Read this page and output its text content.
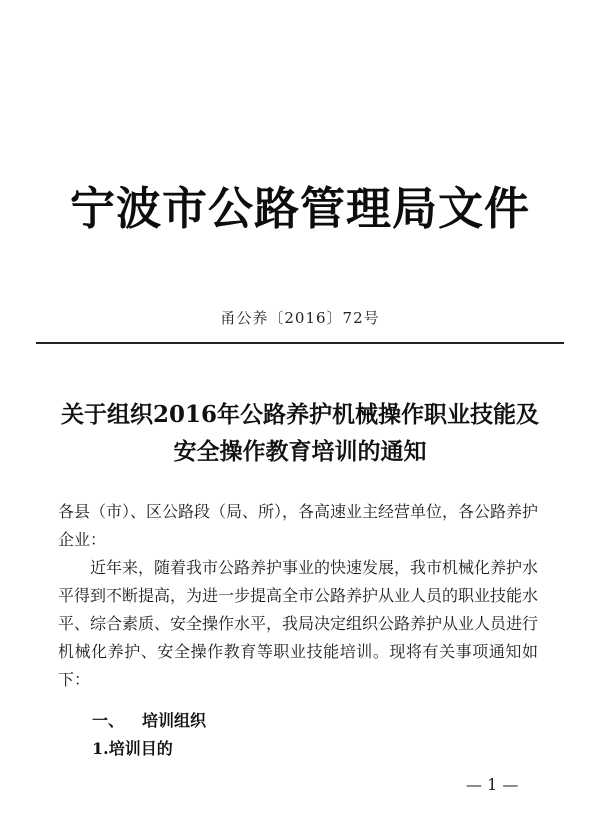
宁波市公路管理局文件
甬公养〔2016〕72号
关于组织2016年公路养护机械操作职业技能及
安全操作教育培训的通知
各县（市）、区公路段（局、所），各高速业主经营单位，各公路养护企业：
近年来，随着我市公路养护事业的快速发展，我市机械化养护水平得到不断提高，为进一步提高全市公路养护从业人员的职业技能水平、综合素质、安全操作水平，我局决定组织公路养护从业人员进行机械化养护、安全操作教育等职业技能培训。现将有关事项通知如下：
一、 培训组织
1.培训目的
— 1 —
